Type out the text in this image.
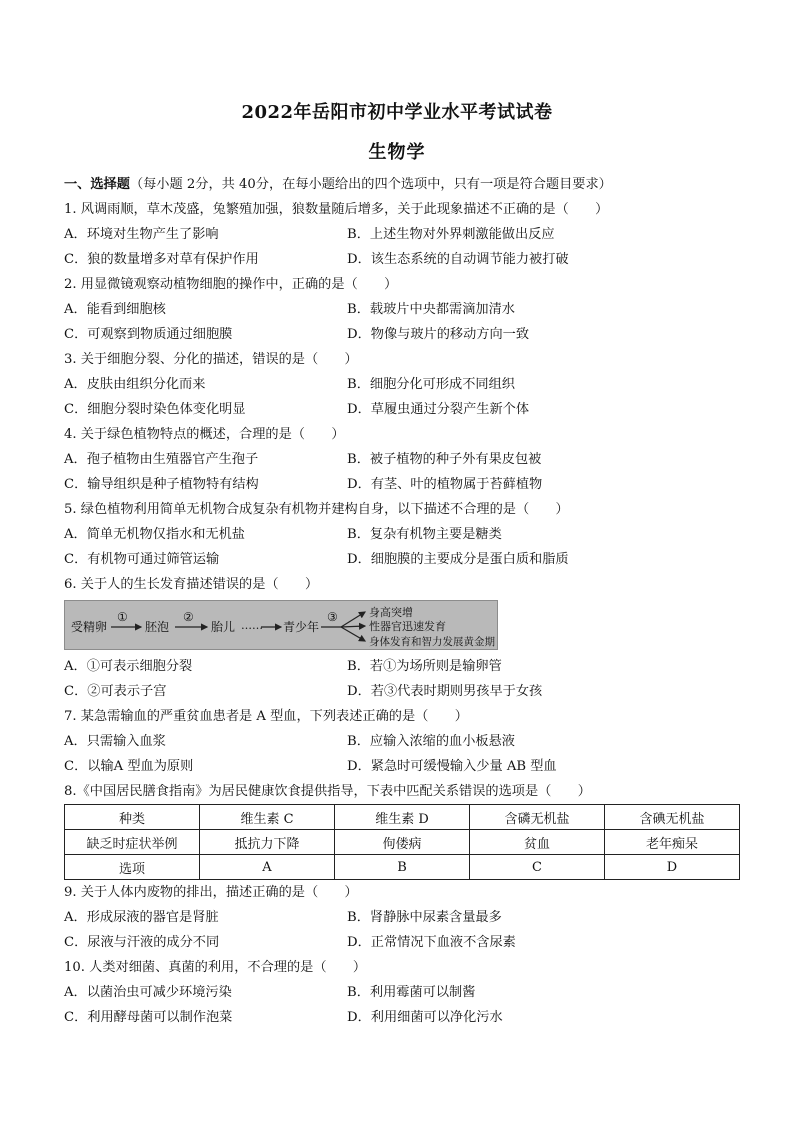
2022年岳阳市初中学业水平考试试卷
生物学
一、选择题（每小题 2分，共 40分，在每小题给出的四个选项中，只有一项是符合题目要求）
1. 风调雨顺，草木茂盛，兔繁殖加强，狼数量随后增多，关于此现象描述不正确的是（　　）
A．环境对生物产生了影响	B．上述生物对外界刺激能做出反应
C．狼的数量增多对草有保护作用	D．该生态系统的自动调节能力被打破
2. 用显微镜观察动植物细胞的操作中，正确的是（　　）
A．能看到细胞核	B．载玻片中央都需滴加清水
C．可观察到物质通过细胞膜	D．物像与玻片的移动方向一致
3. 关于细胞分裂、分化的描述，错误的是（　　）
A．皮肤由组织分化而来	B．细胞分化可形成不同组织
C．细胞分裂时染色体变化明显	D．草履虫通过分裂产生新个体
4. 关于绿色植物特点的概述，合理的是（　　）
A．孢子植物由生殖器官产生孢子	B．被子植物的种子外有果皮包被
C．输导组织是种子植物特有结构	D．有茎、叶的植物属于苔藓植物
5. 绿色植物利用简单无机物合成复杂有机物并建构自身，以下描述不合理的是（　　）
A．简单无机物仅指水和无机盐	B．复杂有机物主要是糖类
C．有机物可通过筛管运输	D．细胞膜的主要成分是蛋白质和脂质
6. 关于人的生长发育描述错误的是（　　）
受精卵
①
胚泡
②
胎儿 …… 青少年
③	身高突增
性器官迅速发育
身体发育和智力发展黄金期
A．①可表示细胞分裂	B．若①为场所则是输卵管
C．②可表示子宫	D．若③代表时期则男孩早于女孩
7. 某急需输血的严重贫血患者是 A 型血，下列表述正确的是（　　）
A．只需输入血浆	B．应输入浓缩的血小板悬液
C．以输A 型血为原则	D．紧急时可缓慢输入少量 AB 型血
8.《中国居民膳食指南》为居民健康饮食提供指导，下表中匹配关系错误的选项是（　　）
种类	维生素 C	维生素 D	含磷无机盐	含碘无机盐
缺乏时症状举例	抵抗力下降	佝偻病	贫血	老年痴呆
选项	A	B	C	D
9. 关于人体内废物的排出，描述正确的是（　　）
A．形成尿液的器官是肾脏	B．肾静脉中尿素含量最多
C．尿液与汗液的成分不同	D．正常情况下血液不含尿素
10. 人类对细菌、真菌的利用，不合理的是（　　）
A．以菌治虫可减少环境污染	B．利用霉菌可以制酱
C．利用酵母菌可以制作泡菜	D．利用细菌可以净化污水
